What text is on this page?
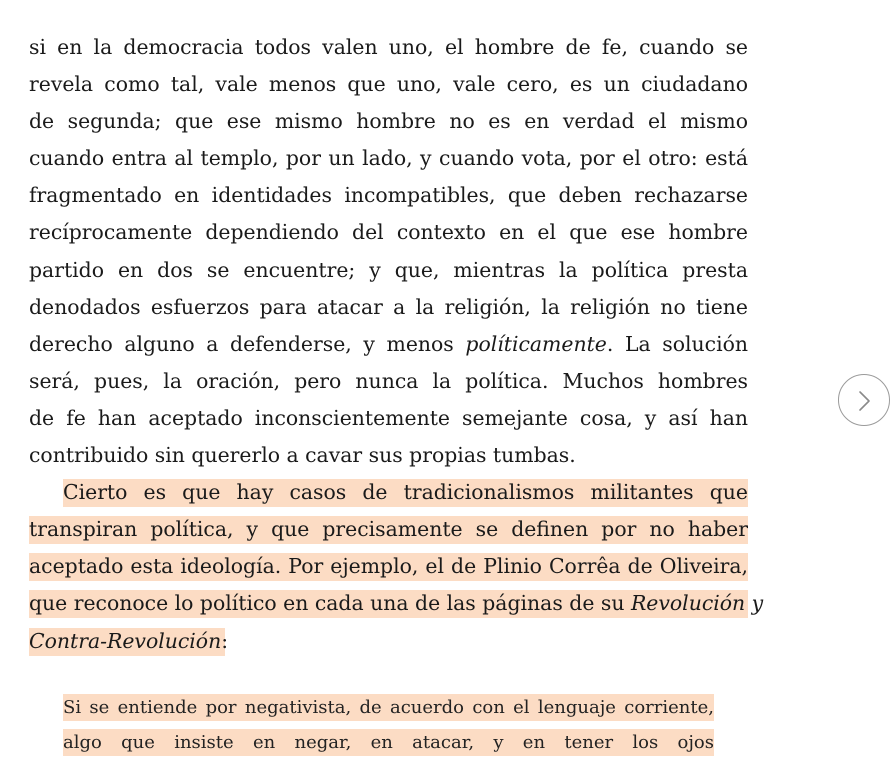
si en la democracia todos valen uno, el hombre de fe, cuando se
revela como tal, vale menos que uno, vale cero, es un ciudadano
de segunda; que ese mismo hombre no es en verdad el mismo
cuando entra al templo, por un lado, y cuando vota, por el otro: está
fragmentado en identidades incompatibles, que deben rechazarse
recíprocamente dependiendo del contexto en el que ese hombre
partido en dos se encuentre; y que, mientras la política presta
denodados esfuerzos para atacar a la religión, la religión no tiene
derecho alguno a defenderse, y menos políticamente. La solución
será, pues, la oración, pero nunca la política. Muchos hombres
de fe han aceptado inconscientemente semejante cosa, y así han
contribuido sin quererlo a cavar sus propias tumbas.
Cierto es que hay casos de tradicionalismos militantes que
transpiran política, y que precisamente se definen por no haber
aceptado esta ideología. Por ejemplo, el de Plinio Corrêa de Oliveira,
que reconoce lo político en cada una de las páginas de su Revolución y
Contra-Revolución:
Si se entiende por negativista, de acuerdo con el lenguaje corriente,
algo que insiste en negar, en atacar, y en tener los ojos
